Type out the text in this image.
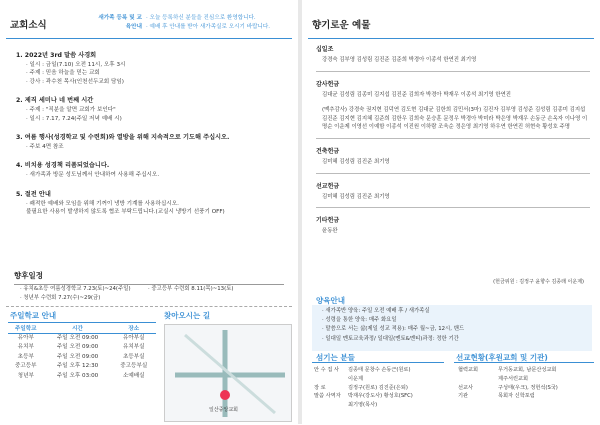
교회소식
새가족 등록 및 교육안내
· 오늘 등록하신 분들을 진심으로 환영합니다.
· 예배 후 안내를 받아 새가족실로 오시기 바랍니다.
1. 2022년 3rd 말씀 사경회
· 일시 : 금일(7.10) 오전 11시, 오후 3시
· 주제 : 믿음 하늘을 믿는 교회
· 강사 : 곽수천 목사(인천선두교회 담임)
2. 제직 세미나 네 번째 시간
· 주제 : "직분을 알면 교회가 보인다"
· 일시 : 7.17, 7.24(주일 저녁 예배 시)
3. 여름 행사(성경학교 및 수련회)와 열방을 위해 지속적으로 기도해 주십시오.
· 주보 4면 참조
4. 비치용 성경책 리폼되었습니다.
· 새가족과 방문 성도님께서 안내하여 사용해 주십시오.
5. 절전 안내
· 쾌적한 예배와 모임을 위해 기꺼이 냉방 기계를 사용하십시오.
불필요한 사용이 발생하지 않도록 협조 부탁드립니다.(교실시 냉방기 선풍기 OFF)
향후일정
· 유치&초등 여름성경학교 7.23(토)~24(주일)	· 중고등부 수련회 8.11(목)~13(토)
· 청년부 수련회 7.27(수)~29(금)
주일학교 안내	찾아오시는 길
주일학교	시간	장소
유아부	주일 오전 09:00	유아부실
유치부	주일 오전 09:00	유치부실
초등부	주일 오전 09:00	초등부실
중고등부	주일 오후 12:30	중고등부실
청년부	주일 오후 03:00	소예배실
일산중앙교회
향기로운 예물
십일조
강경숙 김부영 김성림 김진준 김준희 박경아 이종석 한연진 최기영
감사헌금
김대균 김성림 김종미 김지섭 김진준 김희자 박경아 박재우 이종석 최기영 한연진
(맥추감사) 강경숙 권지현 김덕연 김도현 김대균 김한희 김민서(3마) 김진자 김부영 김성준 김성림 김종미 김지섭 김진준 김지현 김지혜 김준희 김한우 김희숙 문승훈 문정우 박경아 박미라 박은영 박재우 손동군 손옥자 이나영 이명순 이운제 이영선 이예함 이종석 이진원 이하람 조욱순 정은영 최기영 하우연 한연진 허현숙 황성호 주명
건축헌금
김미혜 김성림 김진준 최기영
선교헌금
김미혜 김성림 김진준 최기영
기타헌금
윤동완
(헌금위원 : 김정구 윤향수 김종래 이운제)
양육안내
· 새가족반 양육: 주일 오전 예배 후 / 새가족실
· 성령을 통한 양육: 매주 화요일
· 말씀으로 서는 삶(제일 성교 적용): 매주 월~금, 12시, 밴드
· 일대일 멘토교육과정/ 일대일(멘토&멘티)과정: 정한 기간
섬기는 분들	선교현황(후원교회 및 기관)
안 수 집 사	김종태 문창수 손동근(원로)
이운제
장 로	김정구(원로) 김진준(은퇴)
말씀 사역자 박재우(강도사) 황성호(SFC)
최기영(목사)
협력교회	무거동교회, 남문산성교회
제주서린교회
선교사	구성태(우크), 정헌석(S국)
기관	목회자 신학포럼
